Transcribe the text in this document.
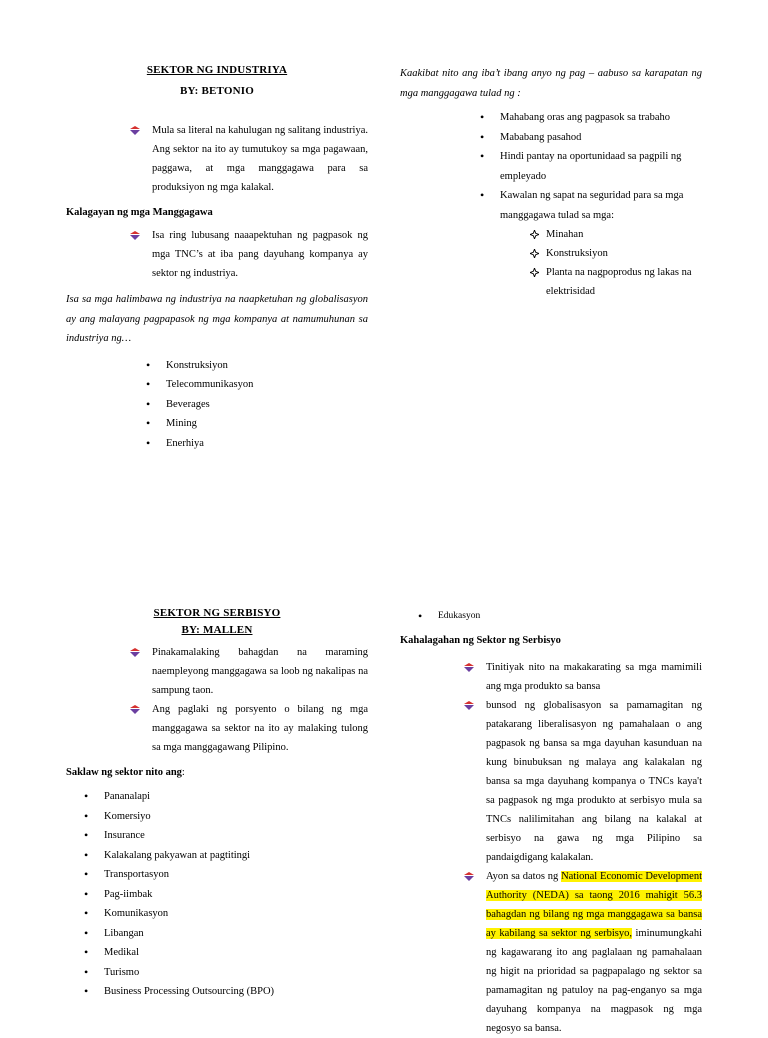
SEKTOR NG INDUSTRIYA
BY: BETONIO
Mula sa literal na kahulugan ng salitang industriya. Ang sektor na ito ay tumutukoy sa mga pagawaan, paggawa, at mga manggagawa para sa produksiyon ng mga kalakal.
Kalagayan ng mga Manggagawa
Isa ring lubusang naaapektuhan ng pagpasok ng mga TNC’s at iba pang dayuhang kompanya ay sektor ng industriya.
Isa sa mga halimbawa ng industriya na naapketuhan ng globalisasyon ay ang malayang pagpapasok ng mga kompanya at namumuhunan sa industriya ng…
• Konstruksiyon
• Telecommunikasyon
• Beverages
• Mining
• Enerhiya
Kaakibat nito ang iba’t ibang anyo ng pag – aabuso sa karapatan ng mga manggagawa tulad ng :
• Mahabang oras ang pagpasok sa trabaho
• Mababang pasahod
• Hindi pantay na oportunidaad sa pagpili ng empleyado
• Kawalan ng sapat na seguridad para sa mga manggagawa tulad sa mga:
Minahan
Konstruksiyon
Planta na nagpoprodus ng lakas na elektrisidad
SEKTOR NG SERBISYO
BY: MALLEN
Pinakamalaking bahagdan na maraming naempleyong manggagawa sa loob ng nakalipas na sampung taon.
Ang paglaki ng porsyento o bilang ng mga manggagawa sa sektor na ito ay malaking tulong sa mga manggagawang Pilipino.
Saklaw ng sektor nito ang:
• Pananalapi
• Komersiyo
• Insurance
• Kalakalang pakyawan at pagtitingi
• Transportasyon
• Pag-iimbak
• Komunikasyon
• Libangan
• Medikal
• Turismo
• Business Processing Outsourcing (BPO)
• Edukasyon
Kahalagahan ng Sektor ng Serbisyo
Tinitiyak nito na makakarating sa mga mamimili ang mga produkto sa bansa
bunsod ng globalisasyon sa pamamagitan ng patakarang liberalisasyon ng pamahalaan o ang pagpasok ng bansa sa mga dayuhan kasunduan na kung binubuksan ng malaya ang kalakalan ng bansa sa mga dayuhang kompanya o TNCs kaya't sa pagpasok ng mga produkto at serbisyo mula sa TNCs nalilimitahan ang bilang na kalakal at serbisyo na gawa ng mga Pilipino sa pandaigdigang kalakalan.
Ayon sa datos ng National Economic Development Authority (NEDA) sa taong 2016 mahigit 56.3 bahagdan ng bilang ng mga manggagawa sa bansa ay kabilang sa sektor ng serbisyo, iminumungkahi ng kagawarang ito ang paglalaan ng pamahalaan ng higit na prioridad sa pagpapalago ng sektor sa pamamagitan ng patuloy na pag-enganyo sa mga dayuhang kompanya na magpasok ng mga negosyo sa bansa.
